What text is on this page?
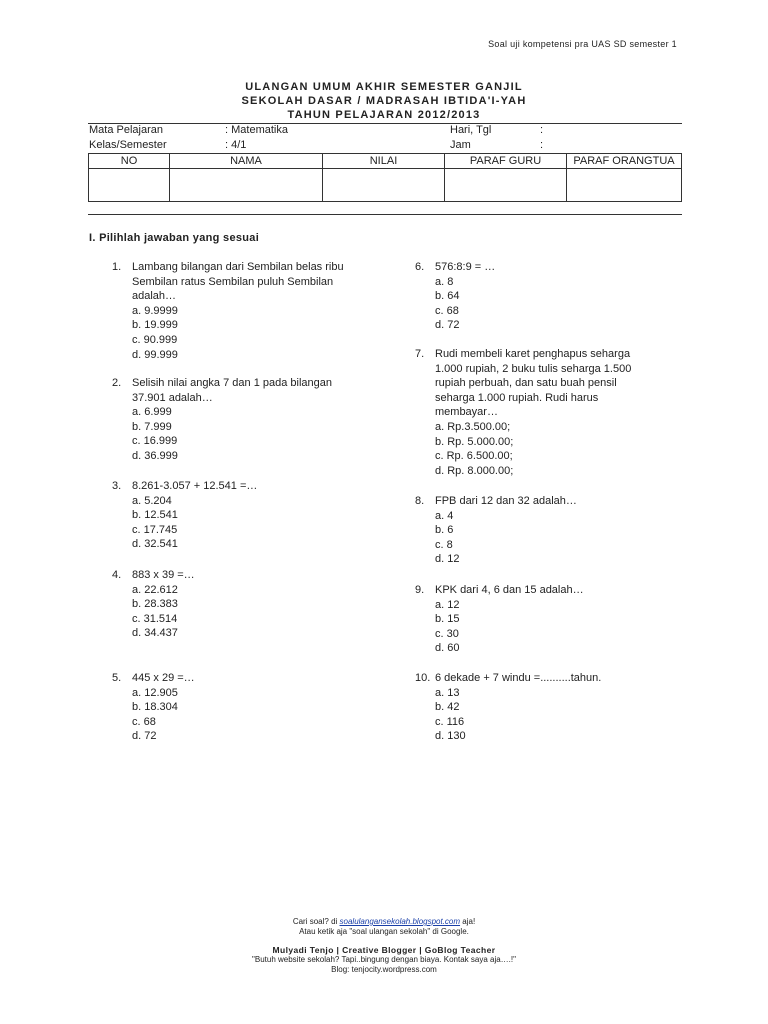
Soal uji kompetensi pra UAS SD semester 1
ULANGAN UMUM AKHIR SEMESTER GANJIL
SEKOLAH DASAR / MADRASAH IBTIDA'I-YAH
TAHUN PELAJARAN 2012/2013
Mata Pelajaran	: Matematika	Hari, Tgl	:
Kelas/Semester	: 4/1	Jam	:
NO	NAMA	NILAI	PARAF GURU	PARAF ORANGTUA

I. Pilihlah jawaban yang sesuai
1. Lambang bilangan dari Sembilan belas ribu
Sembilan ratus Sembilan puluh Sembilan
adalah…
a. 9.9999
b. 19.999
c. 90.999
d. 99.999
2. Selisih nilai angka 7 dan 1 pada bilangan
37.901 adalah…
a. 6.999
b. 7.999
c. 16.999
d. 36.999
3. 8.261-3.057 + 12.541 =…
a. 5.204
b. 12.541
c. 17.745
d. 32.541
4. 883 x 39 =…
a. 22.612
b. 28.383
c. 31.514
d. 34.437
5. 445 x 29 =…
a. 12.905
b. 18.304
c. 68
d. 72
6. 576:8:9 = …
a. 8
b. 64
c. 68
d. 72
7. Rudi membeli karet penghapus seharga
1.000 rupiah, 2 buku tulis seharga 1.500
rupiah perbuah, dan satu buah pensil
seharga 1.000 rupiah. Rudi harus
membayar…
a. Rp.3.500.00;
b. Rp. 5.000.00;
c. Rp. 6.500.00;
d. Rp. 8.000.00;
8. FPB dari 12 dan 32 adalah…
a. 4
b. 6
c. 8
d. 12
9. KPK dari 4, 6 dan 15 adalah…
a. 12
b. 15
c. 30
d. 60
10. 6 dekade + 7 windu =..........tahun.
a. 13
b. 42
c. 116
d. 130
Cari soal? di soalulangansekolah.blogspot.com aja!
Atau ketik aja "soal ulangan sekolah" di Google.
Mulyadi Tenjo | Creative Blogger | GoBlog Teacher
"Butuh website sekolah? Tapi..bingung dengan biaya. Kontak saya aja….!"
Blog: tenjocity.wordpress.com
